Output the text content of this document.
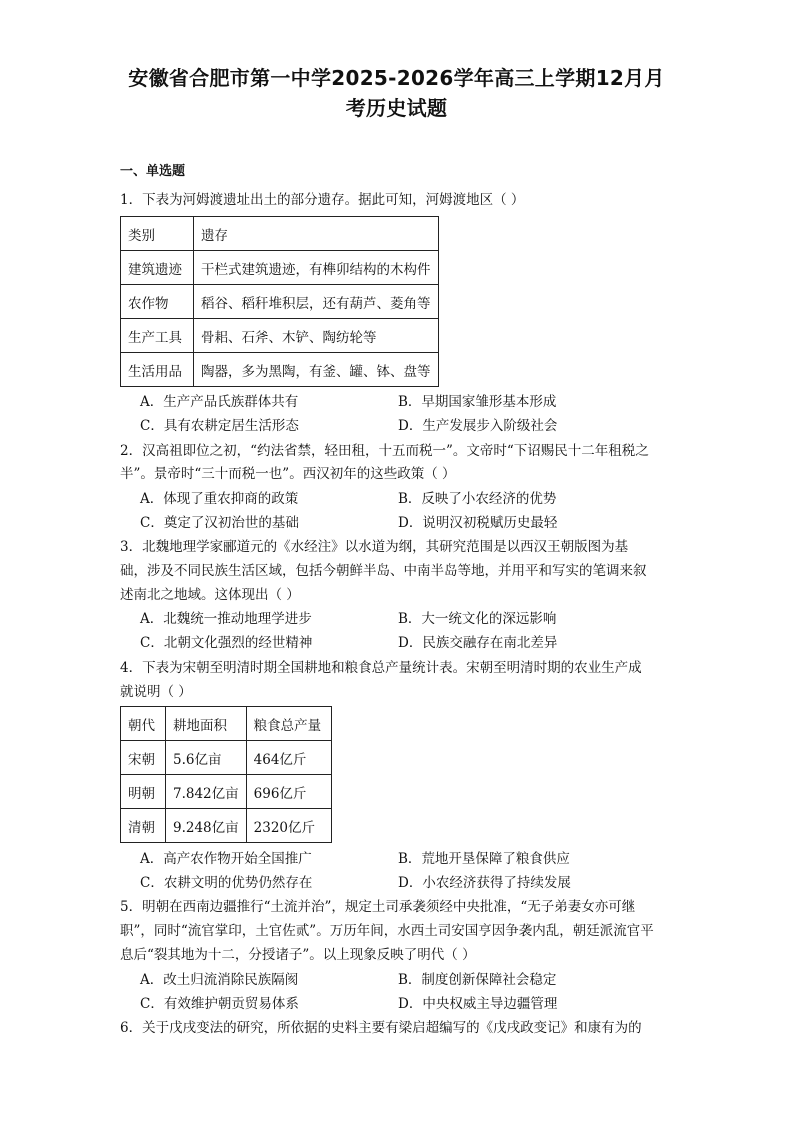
安徽省合肥市第一中学2025-2026学年高三上学期12月月
考历史试题
一、单选题
1．下表为河姆渡遗址出土的部分遗存。据此可知，河姆渡地区（ ）
类别	遗存
建筑遗迹	干栏式建筑遗迹，有榫卯结构的木构件
农作物	稻谷、稻秆堆积层，还有葫芦、菱角等
生产工具	骨耜、石斧、木铲、陶纺轮等
生活用品	陶器，多为黑陶，有釜、罐、钵、盘等
A．生产产品氏族群体共有	B．早期国家雏形基本形成
C．具有农耕定居生活形态	D．生产发展步入阶级社会
2．汉高祖即位之初，“约法省禁，轻田租，十五而税一”。文帝时“下诏赐民十二年租税之
半”。景帝时“三十而税一也”。西汉初年的这些政策（ ）
A．体现了重农抑商的政策	B．反映了小农经济的优势
C．奠定了汉初治世的基础	D．说明汉初税赋历史最轻
3．北魏地理学家郦道元的《水经注》以水道为纲，其研究范围是以西汉王朝版图为基
础，涉及不同民族生活区域，包括今朝鲜半岛、中南半岛等地，并用平和写实的笔调来叙
述南北之地域。这体现出（ ）
A．北魏统一推动地理学进步	B．大一统文化的深远影响
C．北朝文化强烈的经世精神	D．民族交融存在南北差异
4．下表为宋朝至明清时期全国耕地和粮食总产量统计表。宋朝至明清时期的农业生产成
就说明（ ）
朝代	耕地面积	粮食总产量
宋朝	5.6亿亩	464亿斤
明朝	7.842亿亩	696亿斤
清朝	9.248亿亩	2320亿斤
A．高产农作物开始全国推广	B．荒地开垦保障了粮食供应
C．农耕文明的优势仍然存在	D．小农经济获得了持续发展
5．明朝在西南边疆推行“土流并治”，规定土司承袭须经中央批准，“无子弟妻女亦可继
职”，同时“流官掌印，土官佐贰”。万历年间，水西土司安国亨因争袭内乱，朝廷派流官平
息后“裂其地为十二，分授诸子”。以上现象反映了明代（ ）
A．改土归流消除民族隔阂	B．制度创新保障社会稳定
C．有效维护朝贡贸易体系	D．中央权威主导边疆管理
6．关于戊戌变法的研究，所依据的史料主要有梁启超编写的《戊戌政变记》和康有为的
